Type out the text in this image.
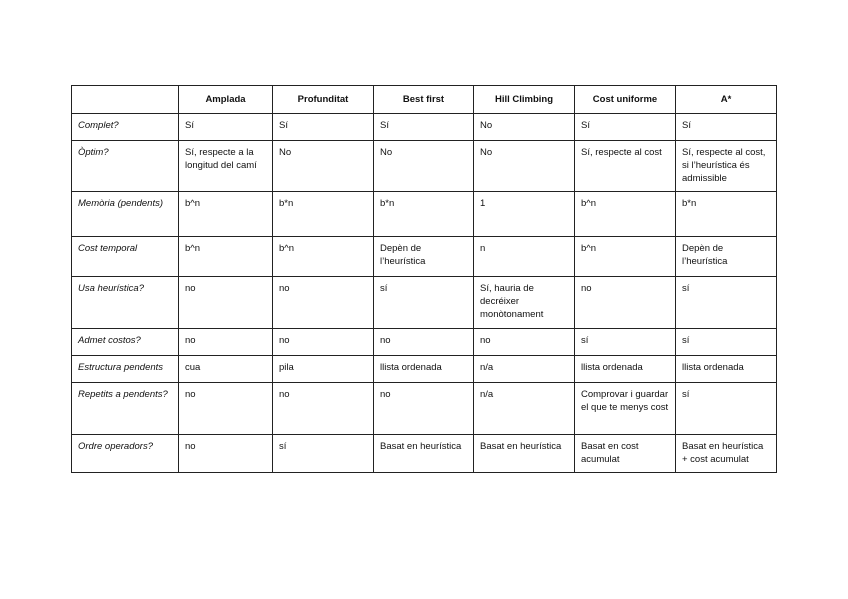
	Amplada	Profunditat	Best first	Hill Climbing	Cost uniforme	A*
Complet?	Sí	Sí	Sí	No	Sí	Sí
Òptim?	Sí, respecte a la longitud del camí	No	No	No	Sí, respecte al cost	Sí, respecte al cost, si l’heurística és admissible
Memòria (pendents)	b^n	b*n	b*n	1	b^n	b*n
Cost temporal	b^n	b^n	Depèn de l’heurística	n	b^n	Depèn de l’heurística
Usa heurística?	no	no	sí	Sí, hauria de decréixer monòtonament	no	sí
Admet costos?	no	no	no	no	sí	sí
Estructura pendents	cua	pila	llista ordenada	n/a	llista ordenada	llista ordenada
Repetits a pendents?	no	no	no	n/a	Comprovar i guardar el que te menys cost	sí
Ordre operadors?	no	sí	Basat en heurística	Basat en heurística	Basat en cost acumulat	Basat en heurística + cost acumulat
